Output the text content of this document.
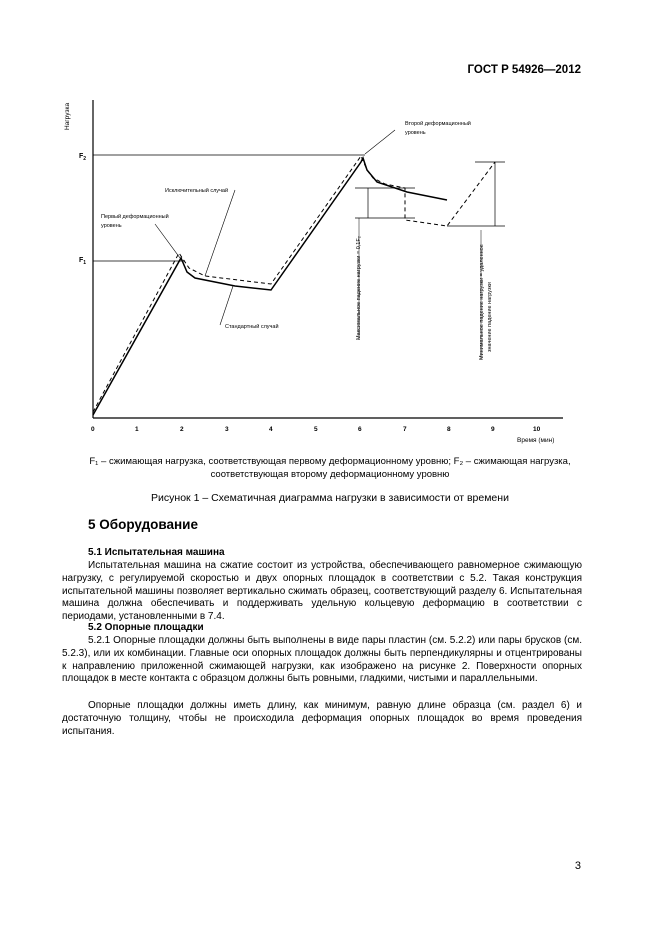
ГОСТ Р 54926—2012
Нагрузка
Время (мин)
0	1	2	3	4	5	6	7	8	9	10
$F_2$
$F_1$	Максимальное падение нагрузки = 0,1F₂	Минимальное падение нагрузки = удаленное значение падение нагрузки
Первый деформационный
уровень
Второй деформационный
уровень
Исключительный случай
Стандартный случай
F₁ – сжимающая нагрузка, соответствующая первому деформационному уровню; F₂ – сжимающая нагрузка,
соответствующая второму деформационному уровню
Рисунок 1 – Схематичная диаграмма нагрузки в зависимости от времени
5 Оборудование
5.1 Испытательная машина
Испытательная машина на сжатие состоит из устройства, обеспечивающего равномерное сжимающую нагрузку, с регулируемой скоростью и двух опорных площадок в соответствии с 5.2. Такая конструкция испытательной машины позволяет вертикально сжимать образец, соответствующий разделу 6. Испытательная машина должна обеспечивать и поддерживать удельную кольцевую деформацию в соответствии с периодами, установленными в 7.4.
5.2 Опорные площадки
5.2.1 Опорные площадки должны быть выполнены в виде пары пластин (см. 5.2.2) или пары брусков (см. 5.2.3), или их комбинации. Главные оси опорных площадок должны быть перпендикулярны и отцентрированы к направлению приложенной сжимающей нагрузки, как изображено на рисунке 2. Поверхности опорных площадок в месте контакта с образцом должны быть ровными, гладкими, чистыми и параллельными.
Опорные площадки должны иметь длину, как минимум, равную длине образца (см. раздел 6) и достаточную толщину, чтобы не происходила деформация опорных площадок во время проведения испытания.
3
